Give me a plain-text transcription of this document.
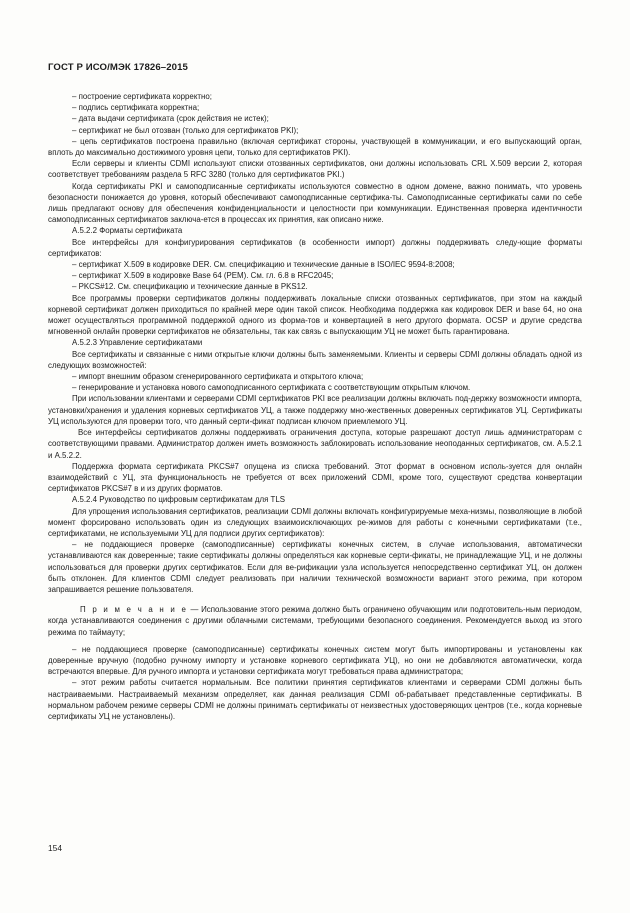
ГОСТ Р ИСО/МЭК 17826–2015

– построение сертификата корректно;

– подпись сертификата корректна;

– дата выдачи сертификата (срок действия не истек);

– сертификат не был отозван (только для сертификатов PKI);

– цепь сертификатов построена правильно (включая сертификат стороны, участвующей в коммуникации, и его выпускающий орган, вплоть до максимально достижимого уровня цепи, только для сертификатов PKI).

Если серверы и клиенты CDMI используют списки отозванных сертификатов, они должны использовать CRL X.509 версии 2, которая соответствует требованиям раздела 5 RFC 3280 (только для сертификатов PKI.)

Когда сертификаты PKI и самоподписанные сертификаты используются совместно в одном домене, важно понимать, что уровень безопасности понижается до уровня, который обеспечивают самоподписанные сертифика-ты. Самоподписанные сертификаты сами по себе лишь предлагают основу для обеспечения конфиденциальности и целостности при коммуникации. Единственная проверка идентичности самоподписанных сертификатов заключа-ется в процессах их принятия, как описано ниже.

A.5.2.2 Форматы сертификата

Все интерфейсы для конфигурирования сертификатов (в особенности импорт) должны поддерживать следу-ющие форматы сертификатов:

– сертификат X.509 в кодировке DER. См. спецификацию и технические данные в ISO/IEC 9594-8:2008;

– сертификат X.509 в кодировке Base 64 (PEM). См. гл. 6.8 в RFC2045;

– PKCS#12. См. спецификацию и технические данные в PKS12.

Все программы проверки сертификатов должны поддерживать локальные списки отозванных сертификатов, при этом на каждый корневой сертификат должен приходиться по крайней мере один такой список. Необходима поддержка как кодировок DER и base 64, но она может осуществляться программной поддержкой одного из форма-тов и конвертацией в него другого формата. OCSP и другие средства мгновенной онлайн проверки сертификатов не обязательны, так как связь с выпускающим УЦ не может быть гарантирована.

A.5.2.3 Управление сертификатами

Все сертификаты и связанные с ними открытые ключи должны быть заменяемыми. Клиенты и серверы CDMI должны обладать одной из следующих возможностей:

– импорт внешним образом сгенерированного сертификата и открытого ключа;

– генерирование и установка нового самоподписанного сертификата с соответствующим открытым ключом.

При использовании клиентами и серверами CDMI сертификатов PKI все реализации должны включать под-держку возможности импорта, установки/хранения и удаления корневых сертификатов УЦ, а также поддержку мно-жественных доверенных сертификатов УЦ. Сертификаты УЦ используются для проверки того, что данный серти-фикат подписан ключом приемлемого УЦ.

Все интерфейсы сертификатов должны поддерживать ограничения доступа, которые разрешают доступ лишь администраторам с соответствующими правами. Администратор должен иметь возможность заблокировать использование неоподанных сертификатов, см. A.5.2.1 и A.5.2.2.

Поддержка формата сертификата PKCS#7 опущена из списка требований. Этот формат в основном исполь-зуется для онлайн взаимодействий с УЦ, эта функциональность не требуется от всех приложений CDMI, кроме того, существуют средства конвертации сертификатов PKCS#7 в и из других форматов.

A.5.2.4 Руководство по цифровым сертификатам для TLS

Для упрощения использования сертификатов, реализации CDMI должны включать конфигурируемые меха-низмы, позволяющие в любой момент форсировано использовать один из следующих взаимоисключающих ре-жимов для работы с конечными сертификатами (т.е., сертификатами, не используемыми УЦ для подписи других сертификатов):

– не поддающиеся проверке (самоподписанные) сертификаты конечных систем, в случае использования, автоматически устанавливаются как доверенные; такие сертификаты должны определяться как корневые серти-фикаты, не принадлежащие УЦ, и не должны использоваться для проверки других сертификатов. Если для ве-рификации узла используется непосредственно сертификат УЦ, он должен быть отклонен. Для клиентов CDMI следует реализовать при наличии технической возможности вариант этого режима, при котором запрашивается решение пользователя.

П р и м е ч а н и е — Использование этого режима должно быть ограничено обучающим или подготовитель-ным периодом, когда устанавливаются соединения с другими облачными системами, требующими безопасного соединения. Рекомендуется выход из этого режима по таймауту;

– не поддающиеся проверке (самоподписанные) сертификаты конечных систем могут быть импортированы и установлены как доверенные вручную (подобно ручному импорту и установке корневого сертификата УЦ), но они не добавляются автоматически, когда встречаются впервые. Для ручного импорта и установки сертификата могут требоваться права администратора;

– этот режим работы считается нормальным. Все политики принятия сертификатов клиентами и серверами CDMI должны быть настраиваемыми. Настраиваемый механизм определяет, как данная реализация CDMI об-рабатывает представленные сертификаты. В нормальном рабочем режиме серверы CDMI не должны принимать сертификаты от неизвестных удостоверяющих центров (т.е., когда корневые сертификаты УЦ не установлены).

154
